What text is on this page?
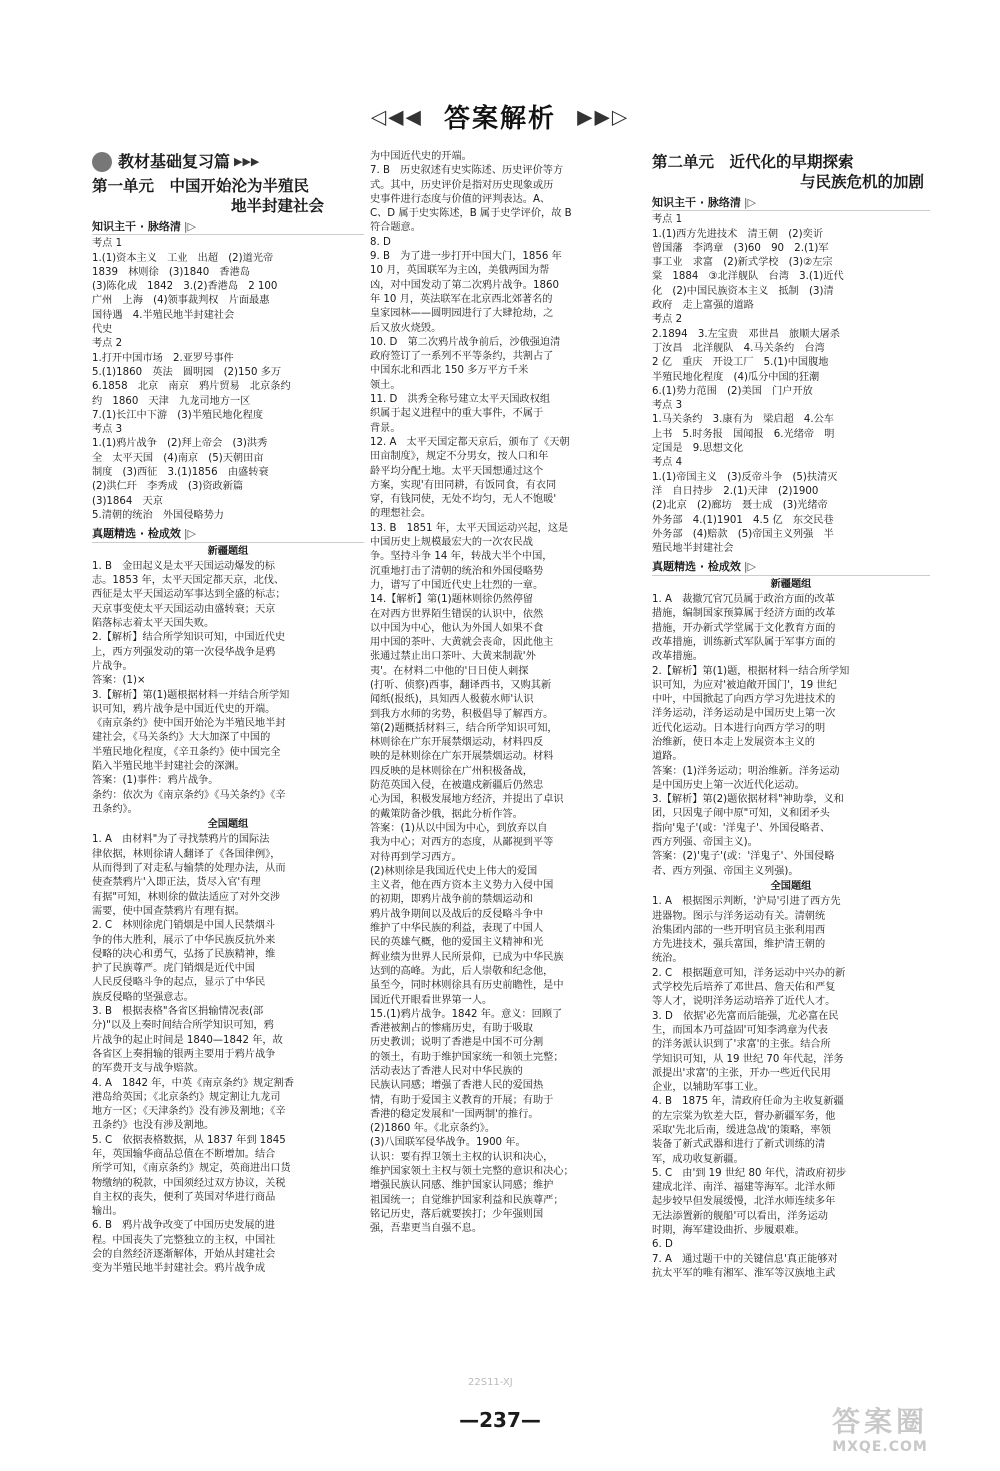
◁◀◀ 答案解析 ▶▶▷
教材基础复习篇 ▶▶▶
第一单元　中国开始沦为半殖民
地半封建社会
知识主干 · 脉络清 |▷

考点 1

1.(1)资本主义　工业　出超　(2)道光帝

1839　林则徐　(3)1840　香港岛

(3)陈化成　1842　3.(2)香港岛　2 100

广州　上海　(4)领事裁判权　片面最惠

国待遇　4.半殖民地半封建社会

代史

考点 2

1.打开中国市场　2.亚罗号事件

5.(1)1860　英法　圆明园　(2)150 多万

6.1858　北京　南京　鸦片贸易　北京条约

约　1860　天津　九龙司地方一区

7.(1)长江中下游　(3)半殖民地化程度

考点 3

1.(1)鸦片战争　(2)拜上帝会　(3)洪秀

全　太平天国　(4)南京　(5)天朝田亩

制度　(3)西征　3.(1)1856　由盛转衰

(2)洪仁玕　李秀成　(3)资政新篇

(3)1864　天京

5.清朝的统治　外国侵略势力

真题精选 · 检成效 |▷
新疆题组

1. B　金田起义是太平天国运动爆发的标

志。1853 年，太平天国定都天京，北伐、

西征是太平天国运动军事达到全盛的标志；

天京事变使太平天国运动由盛转衰；天京

陷落标志着太平天国失败。

2.【解析】结合所学知识可知，中国近代史

上，西方列强发动的第一次侵华战争是鸦

片战争。

答案：(1)×

3.【解析】第(1)题根据材料一并结合所学知

识可知，鸦片战争是中国近代史的开端。

《南京条约》使中国开始沦为半殖民地半封

建社会，《马关条约》大大加深了中国的

半殖民地化程度，《辛丑条约》使中国完全

陷入半殖民地半封建社会的深渊。

答案：(1)事件：鸦片战争。

条约：依次为《南京条约》《马关条约》《辛

丑条约》。

全国题组

1. A　由材料"为了寻找禁鸦片的国际法

律依据，林则徐请人翻译了《各国律例》，

从而得到了对走私与输禁的处理办法，从而

使查禁鸦片'入即正法，货尽入官'有理

有据"可知，林则徐的做法适应了对外交涉

需要，使中国查禁鸦片有理有据。

2. C　林则徐虎门销烟是中国人民禁烟斗

争的伟大胜利，展示了中华民族反抗外来

侵略的决心和勇气，弘扬了民族精神，维

护了民族尊严。虎门销烟是近代中国

人民反侵略斗争的起点，显示了中华民

族反侵略的坚强意志。

3. B　根据表格"各省区捐输情况表(部

分)"以及上奏时间结合所学知识可知，鸦

片战争的起止时间是 1840—1842 年，故

各省区上奏捐输的银两主要用于鸦片战争

的军费开支与战争赔款。

4. A　1842 年，中英《南京条约》规定割香

港岛给英国；《北京条约》规定割让九龙司

地方一区；《天津条约》没有涉及割地；《辛

丑条约》也没有涉及割地。

5. C　依据表格数据，从 1837 年到 1845

年，英国输华商品总值在不断增加。结合

所学可知，《南京条约》规定，英商进出口货

物缴纳的税款，中国须经过双方协议，关税

自主权的丧失，便利了英国对华进行商品

输出。

6. B　鸦片战争改变了中国历史发展的进

程。中国丧失了完整独立的主权，中国社

会的自然经济逐渐解体，开始从封建社会

变为半殖民地半封建社会。鸦片战争成

为中国近代史的开端。

7. B　历史叙述有史实陈述、历史评价等方

式。其中，历史评价是指对历史现象或历

史事件进行态度与价值的评判表达。A、

C、D 属于史实陈述，B 属于史学评价，故 B

符合题意。

8. D

9. B　为了进一步打开中国大门，1856 年

10 月，英国联军为主凶，美俄两国为帮

凶，对中国发动了第二次鸦片战争。1860

年 10 月，英法联军在北京西北郊著名的

皇家园林——圆明园进行了大肆抢劫，之

后又放火烧毁。

10. D　第二次鸦片战争前后，沙俄强迫清

政府签订了一系列不平等条约，共割占了

中国东北和西北 150 多万平方千米

领土。

11. D　洪秀全称号建立太平天国政权组

织属于起义进程中的重大事件，不属于

背景。

12. A　太平天国定都天京后，颁布了《天朝

田亩制度》，规定不分男女，按人口和年

龄平均分配土地。太平天国想通过这个

方案，实现'有田同耕，有饭同食，有衣同

穿，有钱同使，无处不均匀，无人不饱暖'

的理想社会。

13. B　1851 年，太平天国运动兴起，这是

中国历史上规模最宏大的一次农民战

争。坚持斗争 14 年，转战大半个中国，

沉重地打击了清朝的统治和外国侵略势

力，谱写了中国近代史上壮烈的一章。

14.【解析】第(1)题林则徐仍然停留

在对西方世界陌生错误的认识中，依然

以中国为中心，他认为外国人如果不食

用中国的茶叶、大黄就会丧命，因此他主

张通过禁止出口茶叶、大黄来制裁'外

夷'。在材料二中他的'日日使人刺探

(打听、侦察)西事，翻译西书，又购其新

闻纸(报纸)，具知西人极藐水师'认识

到我方水师的劣势，积极倡导了解西方。

第(2)题概括材料三，结合所学知识可知，

林则徐在广东开展禁烟运动，材料四反

映的是林则徐在广东开展禁烟运动。材料

四反映的是林则徐在广州积极备战，

防范英国入侵，在被遣戍新疆后仍然忠

心为国，积极发展地方经济，并提出了卓识

的戴策防备沙俄，据此分析作答。

答案：(1)从以中国为中心，到放弃以自

我为中心；对西方的态度，从鄙视到平等

对待再到学习西方。

(2)林则徐是我国近代史上伟大的爱国

主义者，他在西方资本主义势力入侵中国

的初期，即鸦片战争前的禁烟运动和

鸦片战争期间以及战后的反侵略斗争中

维护了中华民族的利益，表现了中国人

民的英雄气概，他的爱国主义精神和光

辉业绩为世界人民所景仰，已成为中华民族

达到的高峰。为此，后人崇敬和纪念他，

虽至今，同时林则徐具有历史前瞻性，是中

国近代开眼看世界第一人。

15.(1)鸦片战争。1842 年。意义：回顾了

香港被割占的惨痛历史，有助于吸取

历史教训；说明了香港是中国不可分割

的领土，有助于维护国家统一和领土完整；

活动表达了香港人民对中华民族的

民族认同感；增强了香港人民的爱国热

情，有助于爱国主义教育的开展；有助于

香港的稳定发展和'一国两制'的推行。

(2)1860 年。《北京条约》。

(3)八国联军侵华战争。1900 年。

认识：要有捍卫领土主权的认识和决心，

维护国家领土主权与领土完整的意识和决心；

增强民族认同感、维护国家认同感；维护

祖国统一；自觉维护国家利益和民族尊严；

铭记历史，落后就要挨打；少年强则国

强，吾辈更当自强不息。

第二单元　近代化的早期探索
与民族危机的加剧
知识主干 · 脉络清 |▷

考点 1

1.(1)西方先进技术　清王朝　(2)奕䜣

曾国藩　李鸿章　(3)60　90　2.(1)军

事工业　求富　(2)新式学校　(3)②左宗

棠　1884　③北洋舰队　台湾　3.(1)近代

化　(2)中国民族资本主义　抵制　(3)清

政府　走上富强的道路

考点 2

2.1894　3.左宝贵　邓世昌　旅顺大屠杀

丁汝昌　北洋舰队　4.马关条约　台湾

2 亿　重庆　开设工厂　5.(1)中国腹地

半殖民地化程度　(4)瓜分中国的狂潮

6.(1)势力范围　(2)美国　门户开放

考点 3

1.马关条约　3.康有为　梁启超　4.公车

上书　5.时务报　国闻报　6.光绪帝　明

定国是　9.思想文化

考点 4

1.(1)帝国主义　(3)反帝斗争　(5)扶清灭

洋　自日持步　2.(1)天津　(2)1900

(2)北京　(2)廊坊　聂士成　(3)光绪帝

外务部　4.(1)1901　4.5 亿　东交民巷

外务部　(4)赔款　(5)帝国主义列强　半

殖民地半封建社会

真题精选 · 检成效 |▷
新疆题组

1. A　裁撤冗官冗员属于政治方面的改革

措施，编制国家预算属于经济方面的改革

措施，开办新式学堂属于文化教育方面的

改革措施，训练新式军队属于军事方面的

改革措施。

2.【解析】第(1)题，根据材料一结合所学知

识可知，为应对'被迫敞开国门'，19 世纪

中叶，中国掀起了向西方学习先进技术的

洋务运动，洋务运动是中国历史上第一次

近代化运动。日本进行向西方学习的明

治维新，使日本走上发展资本主义的

道路。

答案：(1)洋务运动；明治维新。洋务运动

是中国历史上第一次近代化运动。

3.【解析】第(2)题依据材料"神助拳，义和

团，只因鬼子闹中原"可知，义和团矛头

指向'鬼子'(或：'洋鬼子'、外国侵略者、

西方列强、帝国主义)。

答案：(2)'鬼子'(或：'洋鬼子'、外国侵略

者、西方列强、帝国主义列强)。

全国题组

1. A　根据图示判断，'沪局'引进了西方先

进器物。图示与洋务运动有关。清朝统

治集团内部的一些开明官员主张利用西

方先进技术，强兵富国，维护清王朝的

统治。

2. C　根据题意可知，洋务运动中兴办的新

式学校先后培养了邓世昌、詹天佑和严复

等人才，说明洋务运动培养了近代人才。

3. D　依据'必先富而后能强，尤必富在民

生，而国本乃可益固'可知李鸿章为代表

的洋务派认识到了'求富'的主张。结合所

学知识可知，从 19 世纪 70 年代起，洋务

派提出'求富'的主张，开办一些近代民用

企业，以辅助军事工业。

4. B　1875 年，清政府任命为主收复新疆

的左宗棠为钦差大臣，督办新疆军务，他

采取'先北后南，缓进急战'的策略，率领

装备了新式武器和进行了新式训练的清

军，成功收复新疆。

5. C　由'到 19 世纪 80 年代，清政府初步

建成北洋、南洋、福建等海军。北洋水师

起步较早但发展缓慢，北洋水师连续多年

无法添置新的舰船'可以看出，洋务运动

时期，海军建设曲折、步履艰难。

6. D

7. A　通过题干中的关键信息'真正能够对

抗太平军的唯有湘军、淮军等汉族地主武

22S11-XJ
—237—	答案圈
MXQE.COM
